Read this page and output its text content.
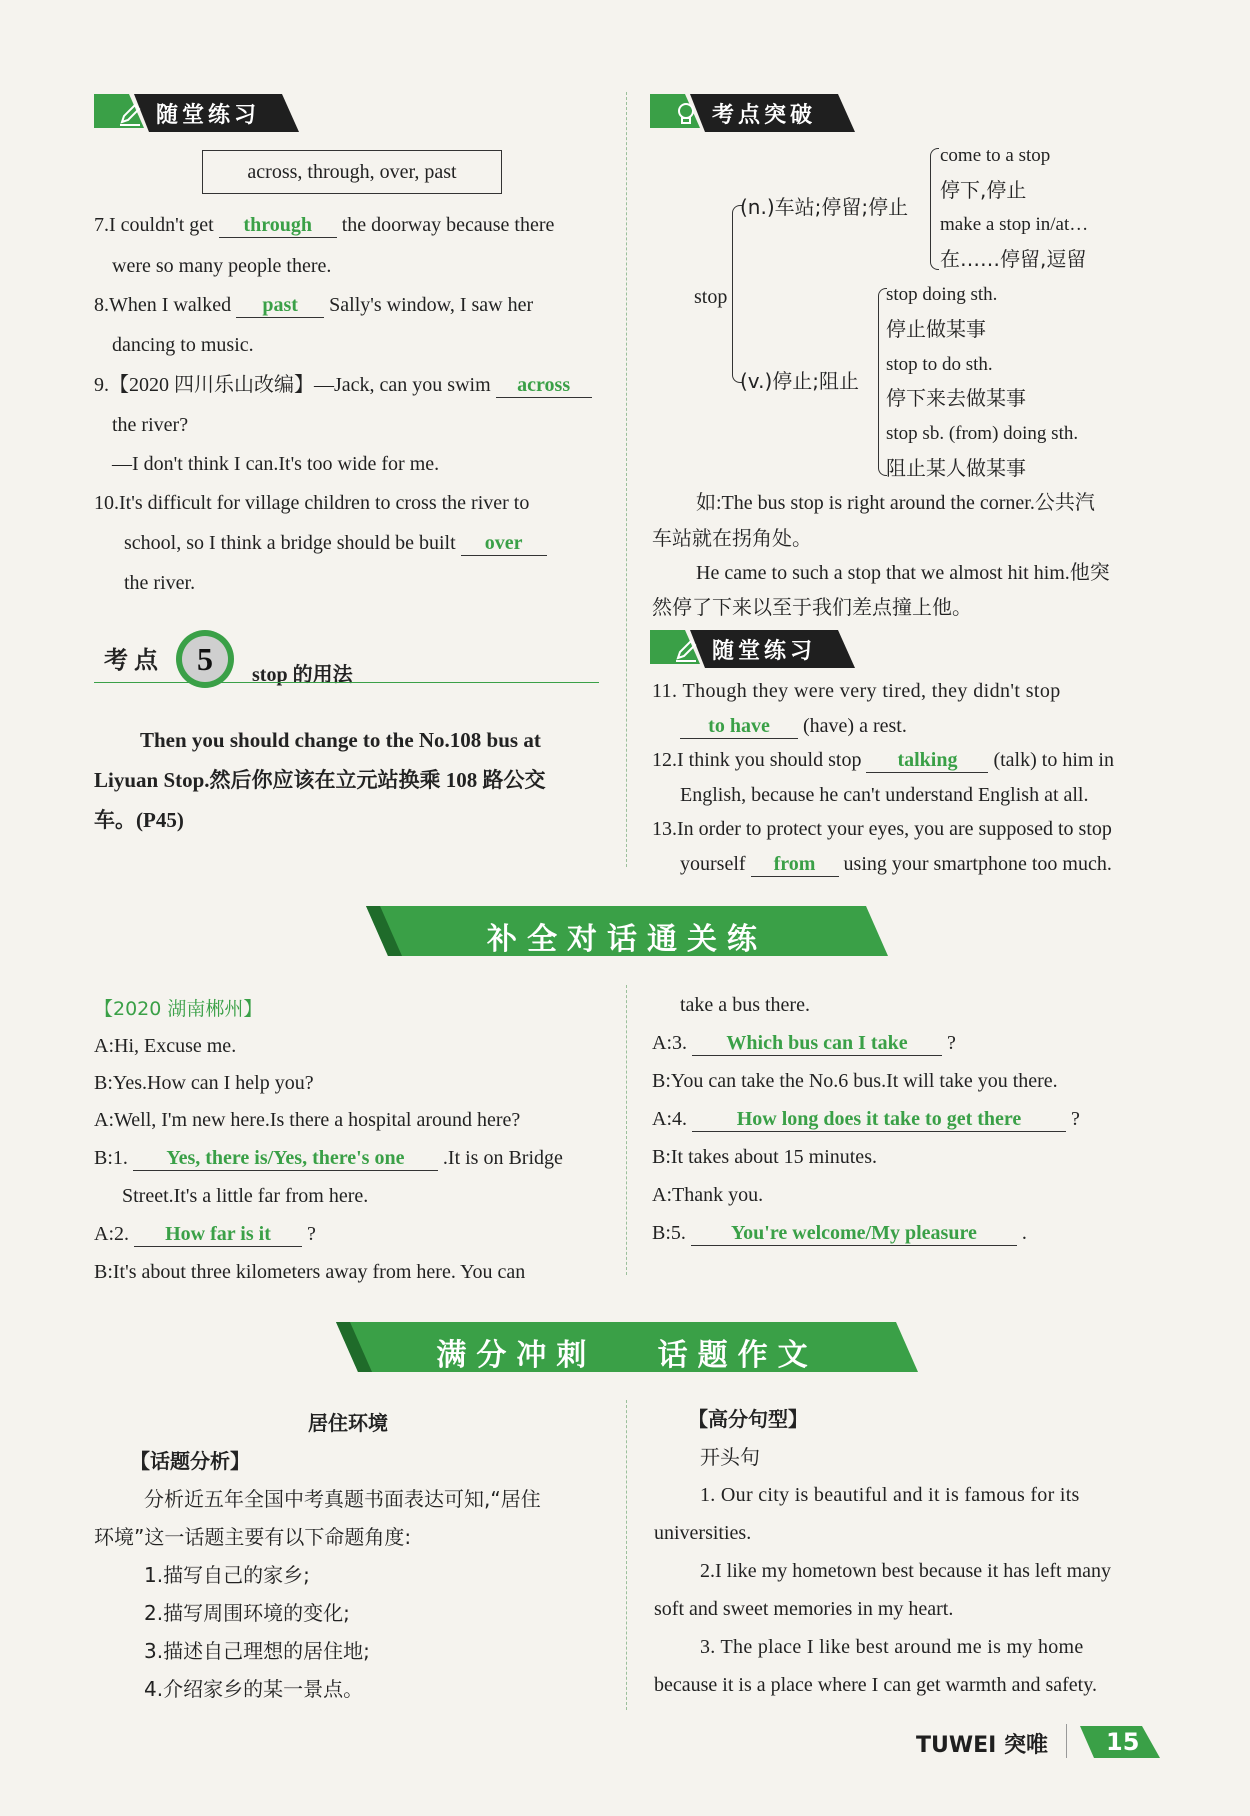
随堂练习
across, through, over, past
7.I couldn't get through the doorway because there
were so many people there.
8.When I walked past Sally's window, I saw her
dancing to music.
9.【2020 四川乐山改编】—Jack, can you swim across
the river?
—I don't think I can.It's too wide for me.
10.It's difficult for village children to cross the river to
school, so I think a bridge should be built over
the river.
考点	5	stop 的用法
Then you should change to the No.108 bus at
Liyuan Stop.然后你应该在立元站换乘 108 路公交
车。(P45)
考点突破
stop
(n.)车站;停留;停止
come to a stop
停下,停止
make a stop in/at…
在……停留,逗留
(v.)停止;阻止
stop doing sth.
停止做某事
stop to do sth.
停下来去做某事
stop sb. (from) doing sth.
阻止某人做某事
如:The bus stop is right around the corner.公共汽
车站就在拐角处。
He came to such a stop that we almost hit him.他突
然停了下来以至于我们差点撞上他。
随堂练习
11. Though they were very tired, they didn't stop
to have (have) a rest.
12.I think you should stop talking (talk) to him in
English, because he can't understand English at all.
13.In order to protect your eyes, you are supposed to stop
yourself from using your smartphone too much.
补全对话通关练
【2020 湖南郴州】
A:Hi, Excuse me.
B:Yes.How can I help you?
A:Well, I'm new here.Is there a hospital around here?
B:1. Yes, there is/Yes, there's one .It is on Bridge
Street.It's a little far from here.
A:2. How far is it ?
B:It's about three kilometers away from here. You can
take a bus there.
A:3. Which bus can I take ?
B:You can take the No.6 bus.It will take you there.
A:4. How long does it take to get there ?
B:It takes about 15 minutes.
A:Thank you.
B:5. You're welcome/My pleasure .
满分冲刺   话题作文
居住环境
【话题分析】
分析近五年全国中考真题书面表达可知,“居住
环境”这一话题主要有以下命题角度:
1.描写自己的家乡;
2.描写周围环境的变化;
3.描述自己理想的居住地;
4.介绍家乡的某一景点。
【高分句型】
开头句
1. Our city is beautiful and it is famous for its
universities.
2.I like my hometown best because it has left many
soft and sweet memories in my heart.
3. The place I like best around me is my home
because it is a place where I can get warmth and safety.
TUWEI 突唯 15
